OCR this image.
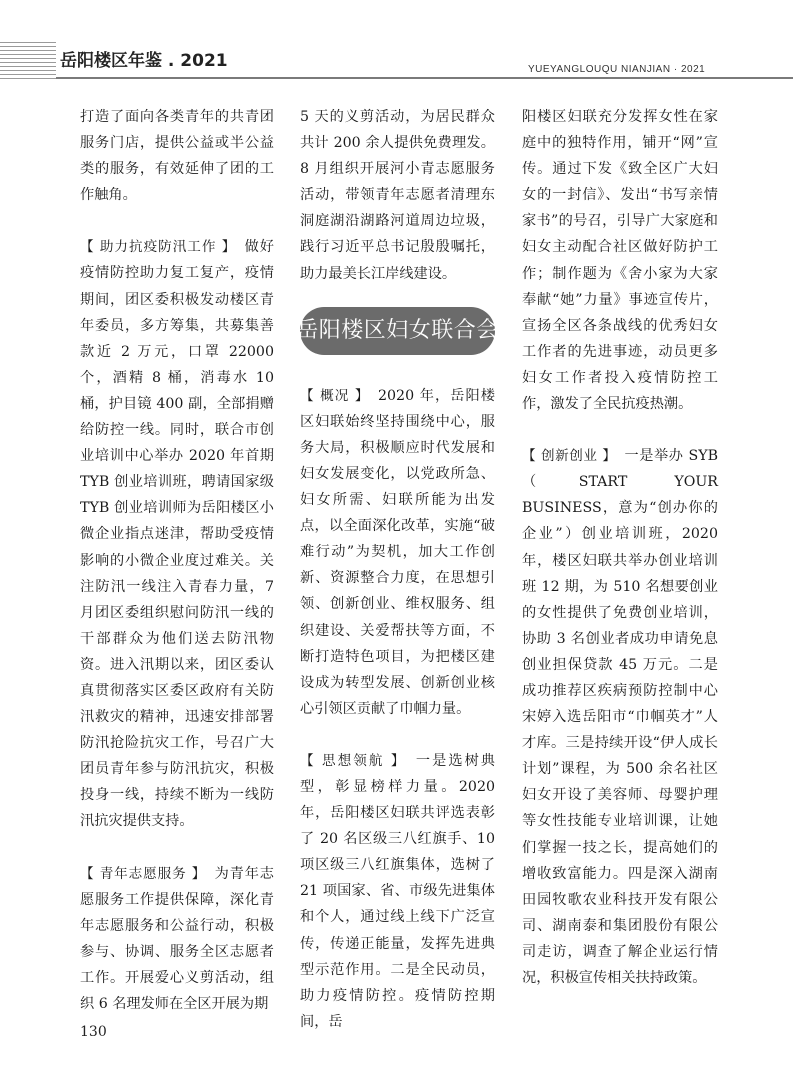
岳阳楼区年鉴 . 2021	YUEYANGLOUQU NIANJIAN · 2021

打造了面向各类青年的共青团服务门店，提供公益或半公益类的服务，有效延伸了团的工作触角。

【 助力抗疫防汛工作 】　做好疫情防控助力复工复产，疫情期间，团区委积极发动楼区青年委员，多方筹集，共募集善款近 2 万元，口罩 22000 个，酒精 8 桶，消毒水 10 桶，护目镜 400 副，全部捐赠给防控一线。同时，联合市创业培训中心举办 2020 年首期 TYB 创业培训班，聘请国家级 TYB 创业培训师为岳阳楼区小微企业指点迷津，帮助受疫情影响的小微企业度过难关。关注防汛一线注入青春力量，7 月团区委组织慰问防汛一线的干部群众为他们送去防汛物资。进入汛期以来，团区委认真贯彻落实区委区政府有关防汛救灾的精神，迅速安排部署防汛抢险抗灾工作，号召广大团员青年参与防汛抗灾，积极投身一线，持续不断为一线防汛抗灾提供支持。

【 青年志愿服务 】　为青年志愿服务工作提供保障，深化青年志愿服务和公益行动，积极参与、协调、服务全区志愿者工作。开展爱心义剪活动，组织 6 名理发师在全区开展为期

5 天的义剪活动，为居民群众共计 200 余人提供免费理发。8 月组织开展河小青志愿服务活动，带领青年志愿者清理东洞庭湖沿湖路河道周边垃圾，践行习近平总书记殷殷嘱托，助力最美长江岸线建设。

岳阳楼区妇女联合会

【 概况 】　2020 年，岳阳楼区妇联始终坚持围绕中心，服务大局，积极顺应时代发展和妇女发展变化，以党政所急、妇女所需、妇联所能为出发点，以全面深化改革，实施“破难行动”为契机，加大工作创新、资源整合力度，在思想引领、创新创业、维权服务、组织建设、关爱帮扶等方面，不断打造特色项目，为把楼区建设成为转型发展、创新创业核心引领区贡献了巾帼力量。

【 思想领航 】　一是选树典型，彰显榜样力量。2020 年，岳阳楼区妇联共评选表彰了 20 名区级三八红旗手、10 项区级三八红旗集体，选树了 21 项国家、省、市级先进集体和个人，通过线上线下广泛宣传，传递正能量，发挥先进典型示范作用。二是全民动员，助力疫情防控。疫情防控期间，岳

阳楼区妇联充分发挥女性在家庭中的独特作用，铺开“网”宣传。通过下发《致全区广大妇女的一封信》、发出“书写亲情家书”的号召，引导广大家庭和妇女主动配合社区做好防护工作；制作题为《舍小家为大家　奉献“她”力量》事迹宣传片，宣扬全区各条战线的优秀妇女工作者的先进事迹，动员更多妇女工作者投入疫情防控工作，激发了全民抗疫热潮。

【 创新创业 】　一是举办 SYB（START YOUR BUSINESS，意为“创办你的企业”）创业培训班，2020 年，楼区妇联共举办创业培训班 12 期，为 510 名想要创业的女性提供了免费创业培训，协助 3 名创业者成功申请免息创业担保贷款 45 万元。二是成功推荐区疾病预防控制中心宋婷入选岳阳市“巾帼英才”人才库。三是持续开设“伊人成长计划”课程，为 500 余名社区妇女开设了美容师、母婴护理等女性技能专业培训课，让她们掌握一技之长，提高她们的增收致富能力。四是深入湖南田园牧歌农业科技开发有限公司、湖南泰和集团股份有限公司走访，调查了解企业运行情况，积极宣传相关扶持政策。

130
